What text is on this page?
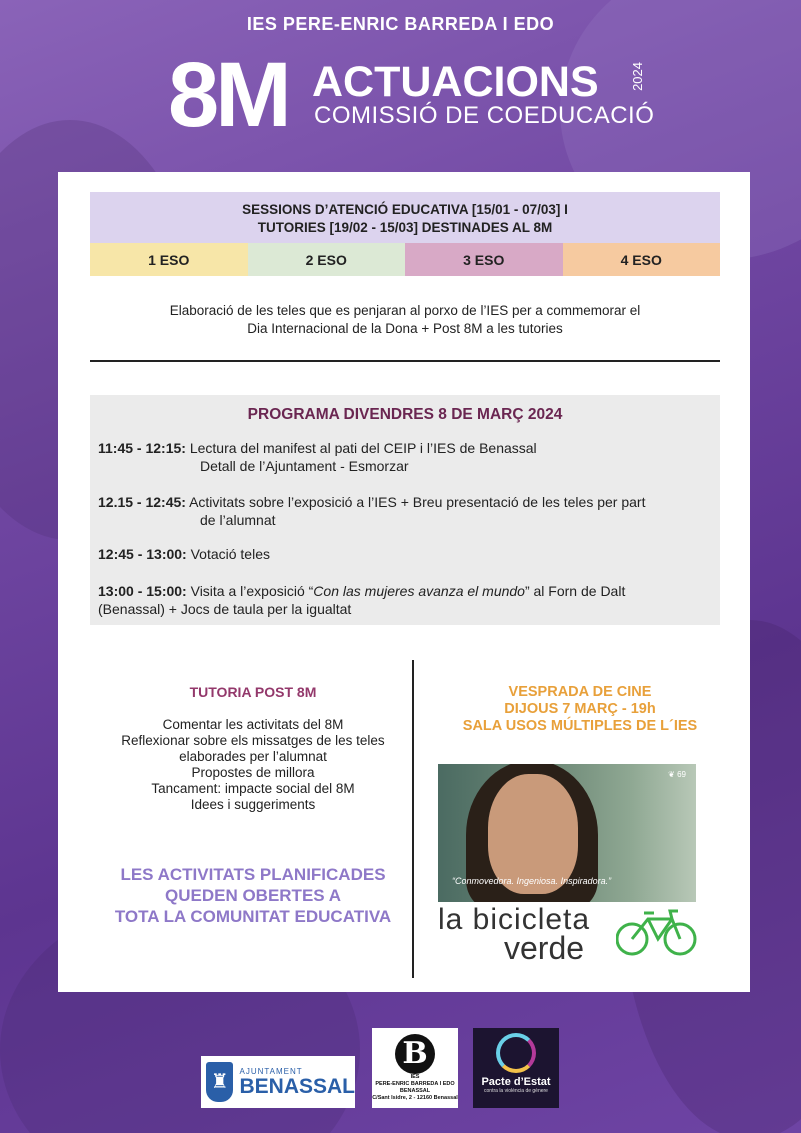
IES PERE-ENRIC BARREDA I EDO
8M ACTUACIONS
COMISSIÓ DE COEDUCACIÓ
2024
SESSIONS D’ATENCIÓ EDUCATIVA [15/01 - 07/03] I
TUTORIES [19/02 - 15/03] DESTINADES AL 8M
1 ESO	2 ESO	3 ESO	4 ESO
Elaboració de les teles que es penjaran al porxo de l’IES per a commemorar el
Dia Internacional de la Dona + Post 8M a les tutories
PROGRAMA DIVENDRES 8 DE MARÇ 2024
11:45 - 12:15: Lectura del manifest al pati del CEIP i l’IES de Benassal
Detall de l’Ajuntament - Esmorzar
12.15 - 12:45: Activitats sobre l’exposició a l’IES + Breu presentació de les teles per part
de l’alumnat
12:45 - 13:00: Votació teles
13:00 - 15:00: Visita a l’exposició “Con las mujeres avanza el mundo” al Forn de Dalt
(Benassal) + Jocs de taula per la igualtat
TUTORIA POST 8M
Comentar les activitats del 8M
Reflexionar sobre els missatges de les teles
elaborades per l’alumnat
Propostes de millora
Tancament: impacte social del 8M
Idees i suggeriments
LES ACTIVITATS PLANIFICADES
QUEDEN OBERTES A
TOTA LA COMUNITAT EDUCATIVA
VESPRADA DE CINE
DIJOUS 7 MARÇ - 19h
SALA USOS MÚLTIPLES DE L´IES
❦ 69
“Conmovedora. Ingeniosa. Inspiradora.”
la bicicleta
verde
♜	AJUNTAMENT
BENASSAL
B
IES
PERE-ENRIC BARREDA I EDO
BENASSAL
C/Sant Isidre, 2 - 12160 Benassal
Pacte d’Estat
contra la violència de gènere
